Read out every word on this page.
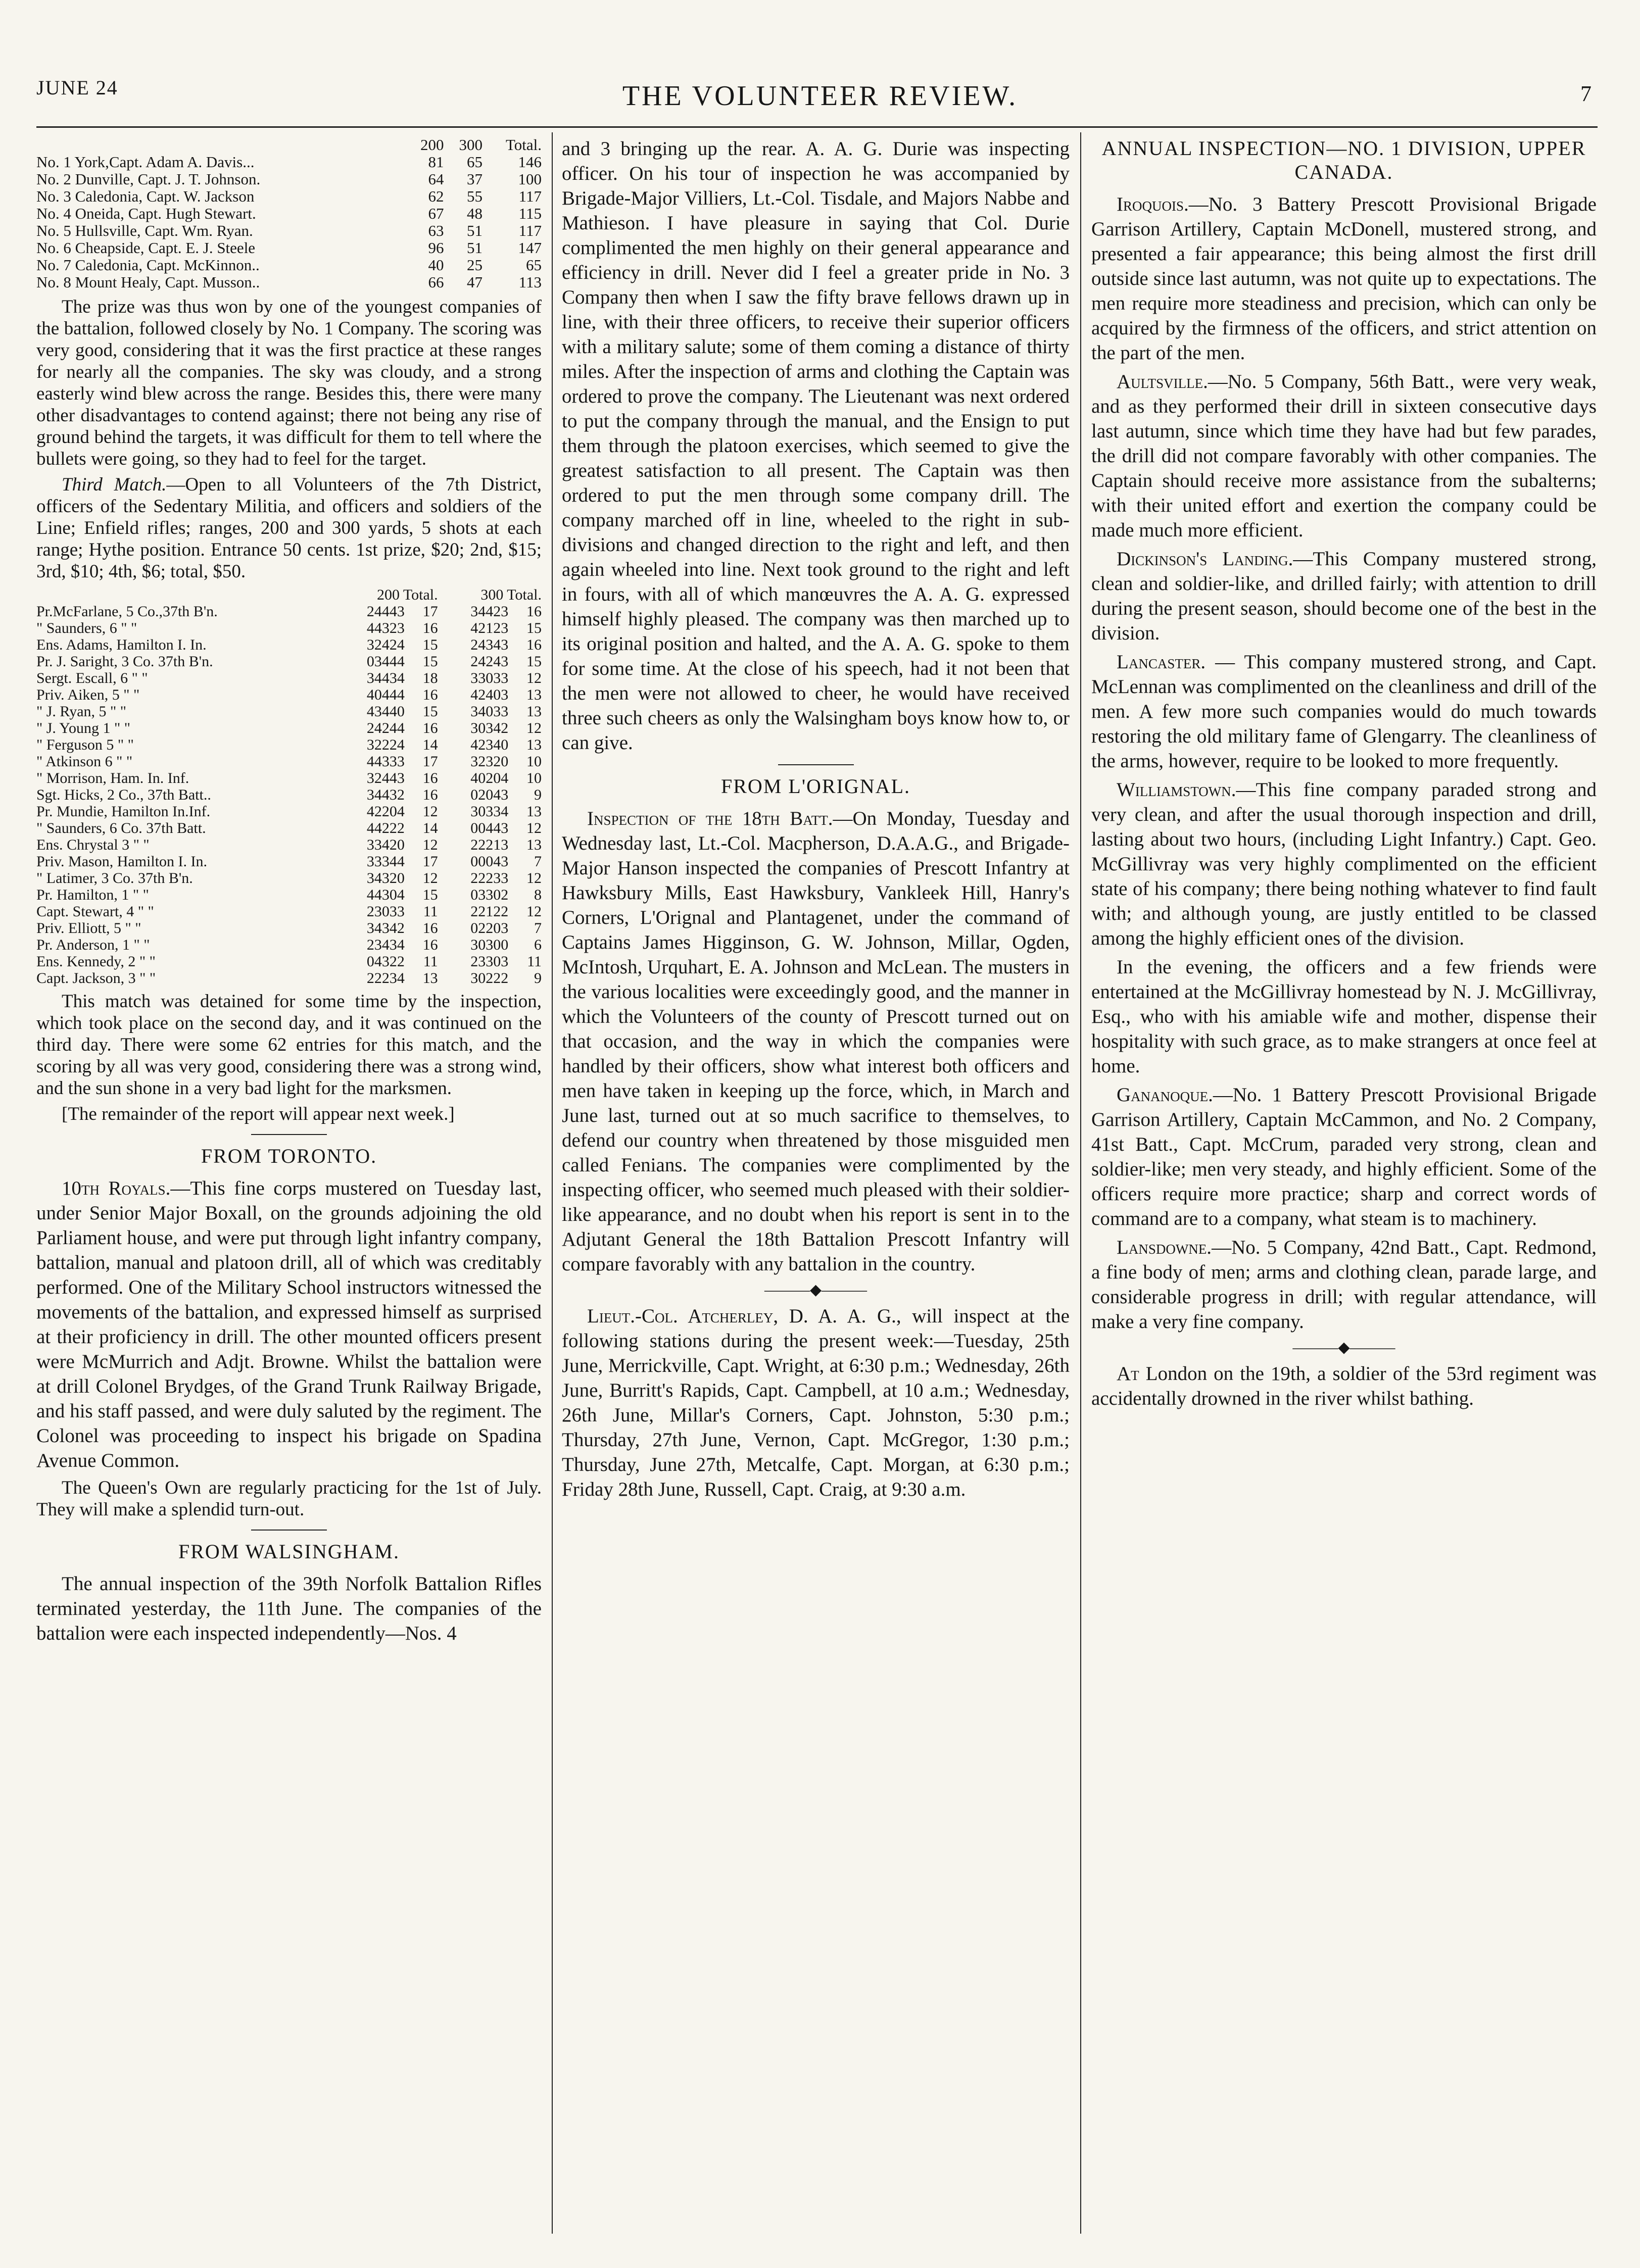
JUNE 24	THE VOLUNTEER REVIEW.	7
	200	300	Total.
No. 1 York,Capt. Adam A. Davis...	81	65	146
No. 2 Dunville, Capt. J. T. Johnson.	64	37	100
No. 3 Caledonia, Capt. W. Jackson	62	55	117
No. 4 Oneida, Capt. Hugh Stewart.	67	48	115
No. 5 Hullsville, Capt. Wm. Ryan.	63	51	117
No. 6 Cheapside, Capt. E. J. Steele	96	51	147
No. 7 Caledonia, Capt. McKinnon..	40	25	65
No. 8 Mount Healy, Capt. Musson..	66	47	113

The prize was thus won by one of the youngest companies of the battalion, followed closely by No. 1 Company. The scoring was very good, considering that it was the first practice at these ranges for nearly all the companies. The sky was cloudy, and a strong easterly wind blew across the range. Besides this, there were many other disadvantages to contend against; there not being any rise of ground behind the targets, it was difficult for them to tell where the bullets were going, so they had to feel for the target.

Third Match.—Open to all Volunteers of the 7th District, officers of the Sedentary Militia, and officers and soldiers of the Line; Enfield rifles; ranges, 200 and 300 yards, 5 shots at each range; Hythe position. Entrance 50 cents. 1st prize, $20; 2nd, $15; 3rd, $10; 4th, $6; total, $50.

	200 Total.		300 Total.	
Pr.McFarlane, 5 Co.,37th B'n.	24443	17	34423	16
" Saunders, 6 " "	44323	16	42123	15
Ens. Adams, Hamilton I. In.	32424	15	24343	16
Pr. J. Saright, 3 Co. 37th B'n.	03444	15	24243	15
Sergt. Escall, 6 " "	34434	18	33033	12
Priv. Aiken, 5 " "	40444	16	42403	13
" J. Ryan, 5 " "	43440	15	34033	13
" J. Young 1 " "	24244	16	30342	12
" Ferguson 5 " "	32224	14	42340	13
" Atkinson 6 " "	44333	17	32320	10
" Morrison, Ham. In. Inf.	32443	16	40204	10
Sgt. Hicks, 2 Co., 37th Batt..	34432	16	02043	9
Pr. Mundie, Hamilton In.Inf.	42204	12	30334	13
" Saunders, 6 Co. 37th Batt.	44222	14	00443	12
Ens. Chrystal 3 " "	33420	12	22213	13
Priv. Mason, Hamilton I. In.	33344	17	00043	7
" Latimer, 3 Co. 37th B'n.	34320	12	22233	12
Pr. Hamilton, 1 " "	44304	15	03302	8
Capt. Stewart, 4 " "	23033	11	22122	12
Priv. Elliott, 5 " "	34342	16	02203	7
Pr. Anderson, 1 " "	23434	16	30300	6
Ens. Kennedy, 2 " "	04322	11	23303	11
Capt. Jackson, 3 " "	22234	13	30222	9

This match was detained for some time by the inspection, which took place on the second day, and it was continued on the third day. There were some 62 entries for this match, and the scoring by all was very good, considering there was a strong wind, and the sun shone in a very bad light for the marksmen.

[The remainder of the report will appear next week.]

FROM TORONTO.

10th Royals.—This fine corps mustered on Tuesday last, under Senior Major Boxall, on the grounds adjoining the old Parliament house, and were put through light infantry company, battalion, manual and platoon drill, all of which was creditably performed. One of the Military School instructors witnessed the movements of the battalion, and expressed himself as surprised at their proficiency in drill. The other mounted officers present were McMurrich and Adjt. Browne. Whilst the battalion were at drill Colonel Brydges, of the Grand Trunk Railway Brigade, and his staff passed, and were duly saluted by the regiment. The Colonel was proceeding to inspect his brigade on Spadina Avenue Common.

The Queen's Own are regularly practicing for the 1st of July. They will make a splendid turn-out.

FROM WALSINGHAM.

The annual inspection of the 39th Norfolk Battalion Rifles terminated yesterday, the 11th June. The companies of the battalion were each inspected independently—Nos. 4

and 3 bringing up the rear. A. A. G. Durie was inspecting officer. On his tour of inspection he was accompanied by Brigade-Major Villiers, Lt.-Col. Tisdale, and Majors Nabbe and Mathieson. I have pleasure in saying that Col. Durie complimented the men highly on their general appearance and efficiency in drill. Never did I feel a greater pride in No. 3 Company then when I saw the fifty brave fellows drawn up in line, with their three officers, to receive their superior officers with a military salute; some of them coming a distance of thirty miles. After the inspection of arms and clothing the Captain was ordered to prove the company. The Lieutenant was next ordered to put the company through the manual, and the Ensign to put them through the platoon exercises, which seemed to give the greatest satisfaction to all present. The Captain was then ordered to put the men through some company drill. The company marched off in line, wheeled to the right in sub-divisions and changed direction to the right and left, and then again wheeled into line. Next took ground to the right and left in fours, with all of which manœuvres the A. A. G. expressed himself highly pleased. The company was then marched up to its original position and halted, and the A. A. G. spoke to them for some time. At the close of his speech, had it not been that the men were not allowed to cheer, he would have received three such cheers as only the Walsingham boys know how to, or can give.

FROM L'ORIGNAL.

Inspection of the 18th Batt.—On Monday, Tuesday and Wednesday last, Lt.-Col. Macpherson, D.A.A.G., and Brigade-Major Hanson inspected the companies of Prescott Infantry at Hawksbury Mills, East Hawksbury, Vankleek Hill, Hanry's Corners, L'Orignal and Plantagenet, under the command of Captains James Higginson, G. W. Johnson, Millar, Ogden, McIntosh, Urquhart, E. A. Johnson and McLean. The musters in the various localities were exceedingly good, and the manner in which the Volunteers of the county of Prescott turned out on that occasion, and the way in which the companies were handled by their officers, show what interest both officers and men have taken in keeping up the force, which, in March and June last, turned out at so much sacrifice to themselves, to defend our country when threatened by those misguided men called Fenians. The companies were complimented by the inspecting officer, who seemed much pleased with their soldier-like appearance, and no doubt when his report is sent in to the Adjutant General the 18th Battalion Prescott Infantry will compare favorably with any battalion in the country.

———◆———

Lieut.-Col. Atcherley, D. A. A. G., will inspect at the following stations during the present week:—Tuesday, 25th June, Merrickville, Capt. Wright, at 6:30 p.m.; Wednesday, 26th June, Burritt's Rapids, Capt. Campbell, at 10 a.m.; Wednesday, 26th June, Millar's Corners, Capt. Johnston, 5:30 p.m.; Thursday, 27th June, Vernon, Capt. McGregor, 1:30 p.m.; Thursday, June 27th, Metcalfe, Capt. Morgan, at 6:30 p.m.; Friday 28th June, Russell, Capt. Craig, at 9:30 a.m.

ANNUAL INSPECTION—NO. 1 DIVISION, UPPER CANADA.

Iroquois.—No. 3 Battery Prescott Provisional Brigade Garrison Artillery, Captain McDonell, mustered strong, and presented a fair appearance; this being almost the first drill outside since last autumn, was not quite up to expectations. The men require more steadiness and precision, which can only be acquired by the firmness of the officers, and strict attention on the part of the men.

Aultsville.—No. 5 Company, 56th Batt., were very weak, and as they performed their drill in sixteen consecutive days last autumn, since which time they have had but few parades, the drill did not compare favorably with other companies. The Captain should receive more assistance from the subalterns; with their united effort and exertion the company could be made much more efficient.

Dickinson's Landing.—This Company mustered strong, clean and soldier-like, and drilled fairly; with attention to drill during the present season, should become one of the best in the division.

Lancaster. — This company mustered strong, and Capt. McLennan was complimented on the cleanliness and drill of the men. A few more such companies would do much towards restoring the old military fame of Glengarry. The cleanliness of the arms, however, require to be looked to more frequently.

Williamstown.—This fine company paraded strong and very clean, and after the usual thorough inspection and drill, lasting about two hours, (including Light Infantry.) Capt. Geo. McGillivray was very highly complimented on the efficient state of his company; there being nothing whatever to find fault with; and although young, are justly entitled to be classed among the highly efficient ones of the division.

In the evening, the officers and a few friends were entertained at the McGillivray homestead by N. J. McGillivray, Esq., who with his amiable wife and mother, dispense their hospitality with such grace, as to make strangers at once feel at home.

Gananoque.—No. 1 Battery Prescott Provisional Brigade Garrison Artillery, Captain McCammon, and No. 2 Company, 41st Batt., Capt. McCrum, paraded very strong, clean and soldier-like; men very steady, and highly efficient. Some of the officers require more practice; sharp and correct words of command are to a company, what steam is to machinery.

Lansdowne.—No. 5 Company, 42nd Batt., Capt. Redmond, a fine body of men; arms and clothing clean, parade large, and considerable progress in drill; with regular attendance, will make a very fine company.

———◆———

At London on the 19th, a soldier of the 53rd regiment was accidentally drowned in the river whilst bathing.
